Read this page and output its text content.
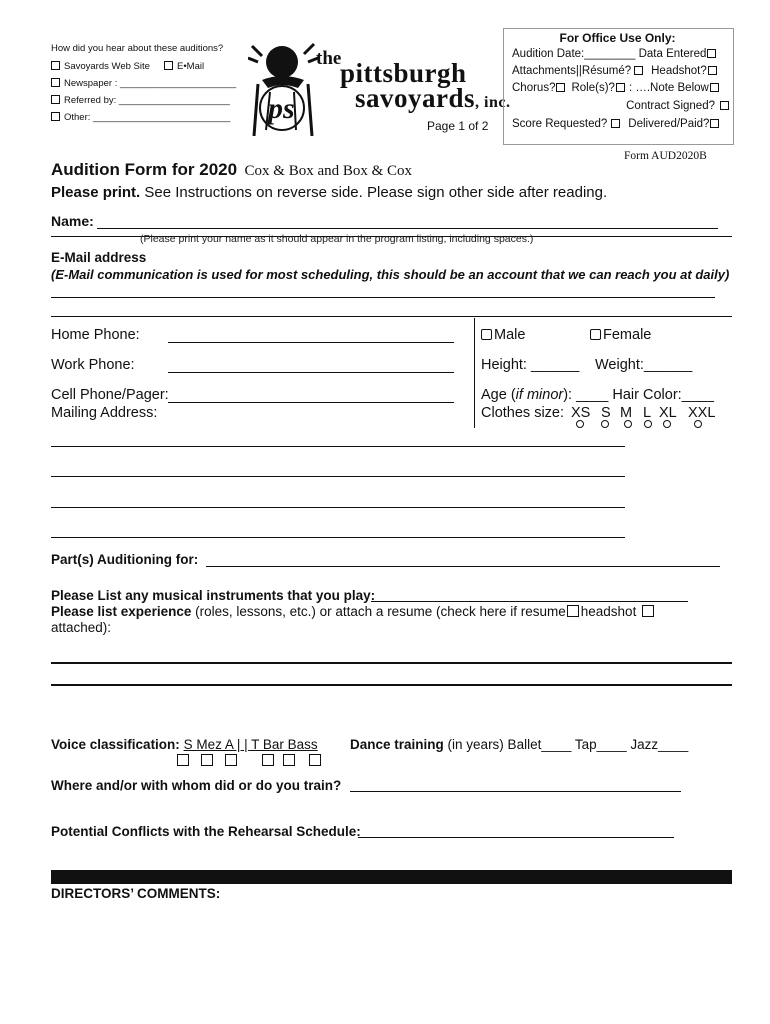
How did you hear about these auditions?
Savoyards Web Site	E•Mail
Newspaper : ______________________
Referred by: _____________________
Other: __________________________ ps
the
pittsburgh
savoyards, inc.
Page 1 of 2
For Office Use Only:
Audition Date:________ Data Entered
Attachments||Résumé? Headshot?
Chorus? Role(s)? : ….Note Below
Contract Signed?
Score Requested? Delivered/Paid?
Form AUD2020B
Audition Form for 2020 Cox & Box and Box & Cox
Please print. See Instructions on reverse side. Please sign other side after reading.
Name:
(Please print your name as it should appear in the program listing, including spaces.)
E-Mail address
(E-Mail communication is used for most scheduling, this should be an account that we can reach you at daily)
Home Phone:
Work Phone:
Cell Phone/Pager:
Mailing Address:
Male	Female
Height: ______ Weight:______
Age (if minor): ____ Hair Color:____
Clothes size: XS S M L XL XXL
Part(s) Auditioning for:
Please List any musical instruments that you play:
Please list experience (roles, lessons, etc.) or attach a resume (check here if resume headshot
attached):
Voice classification: S Mez A | | T Bar Bass Dance training (in years) Ballet____ Tap____ Jazz____
Where and/or with whom did or do you train?
Potential Conflicts with the Rehearsal Schedule:
DIRECTORS’ COMMENTS:
